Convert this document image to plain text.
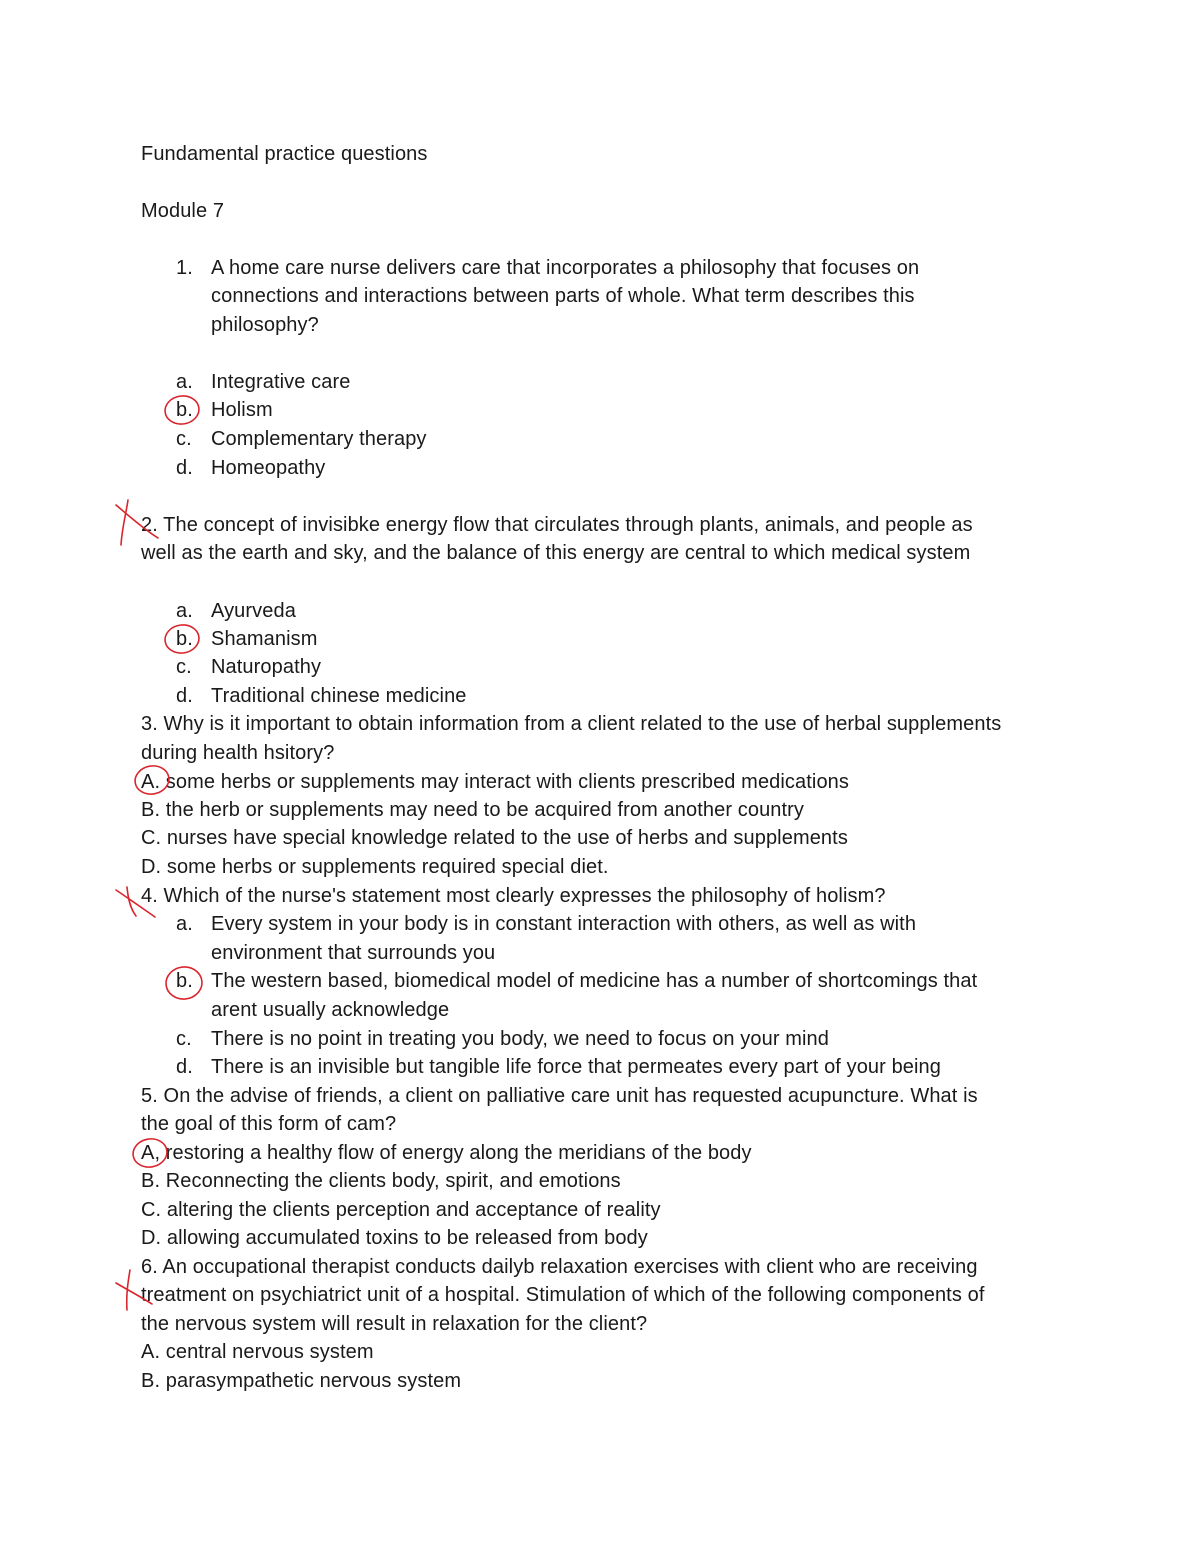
Fundamental practice questions
Module 7
1. A home care nurse delivers care that incorporates a philosophy that focuses on
connections and interactions between parts of whole. What term describes this
philosophy?
a. Integrative care
b. Holism
c. Complementary therapy
d. Homeopathy
2. The concept of invisibke energy flow that circulates through plants, animals, and people as
well as the earth and sky, and the balance of this energy are central to which medical system
a. Ayurveda
b. Shamanism
c. Naturopathy
d. Traditional chinese medicine
3. Why is it important to obtain information from a client related to the use of herbal supplements
during health hsitory?
A. some herbs or supplements may interact with clients prescribed medications
B. the herb or supplements may need to be acquired from another country
C. nurses have special knowledge related to the use of herbs and supplements
D. some herbs or supplements required special diet.
4. Which of the nurse's statement most clearly expresses the philosophy of holism?
a. Every system in your body is in constant interaction with others, as well as with
environment that surrounds you
b. The western based, biomedical model of medicine has a number of shortcomings that
arent usually acknowledge
c. There is no point in treating you body, we need to focus on your mind
d. There is an invisible but tangible life force that permeates every part of your being
5. On the advise of friends, a client on palliative care unit has requested acupuncture. What is
the goal of this form of cam?
A, restoring a healthy flow of energy along the meridians of the body
B. Reconnecting the clients body, spirit, and emotions
C. altering the clients perception and acceptance of reality
D. allowing accumulated toxins to be released from body
6. An occupational therapist conducts dailyb relaxation exercises with client who are receiving
treatment on psychiatrict unit of a hospital. Stimulation of which of the following components of
the nervous system will result in relaxation for the client?
A. central nervous system
B. parasympathetic nervous system
